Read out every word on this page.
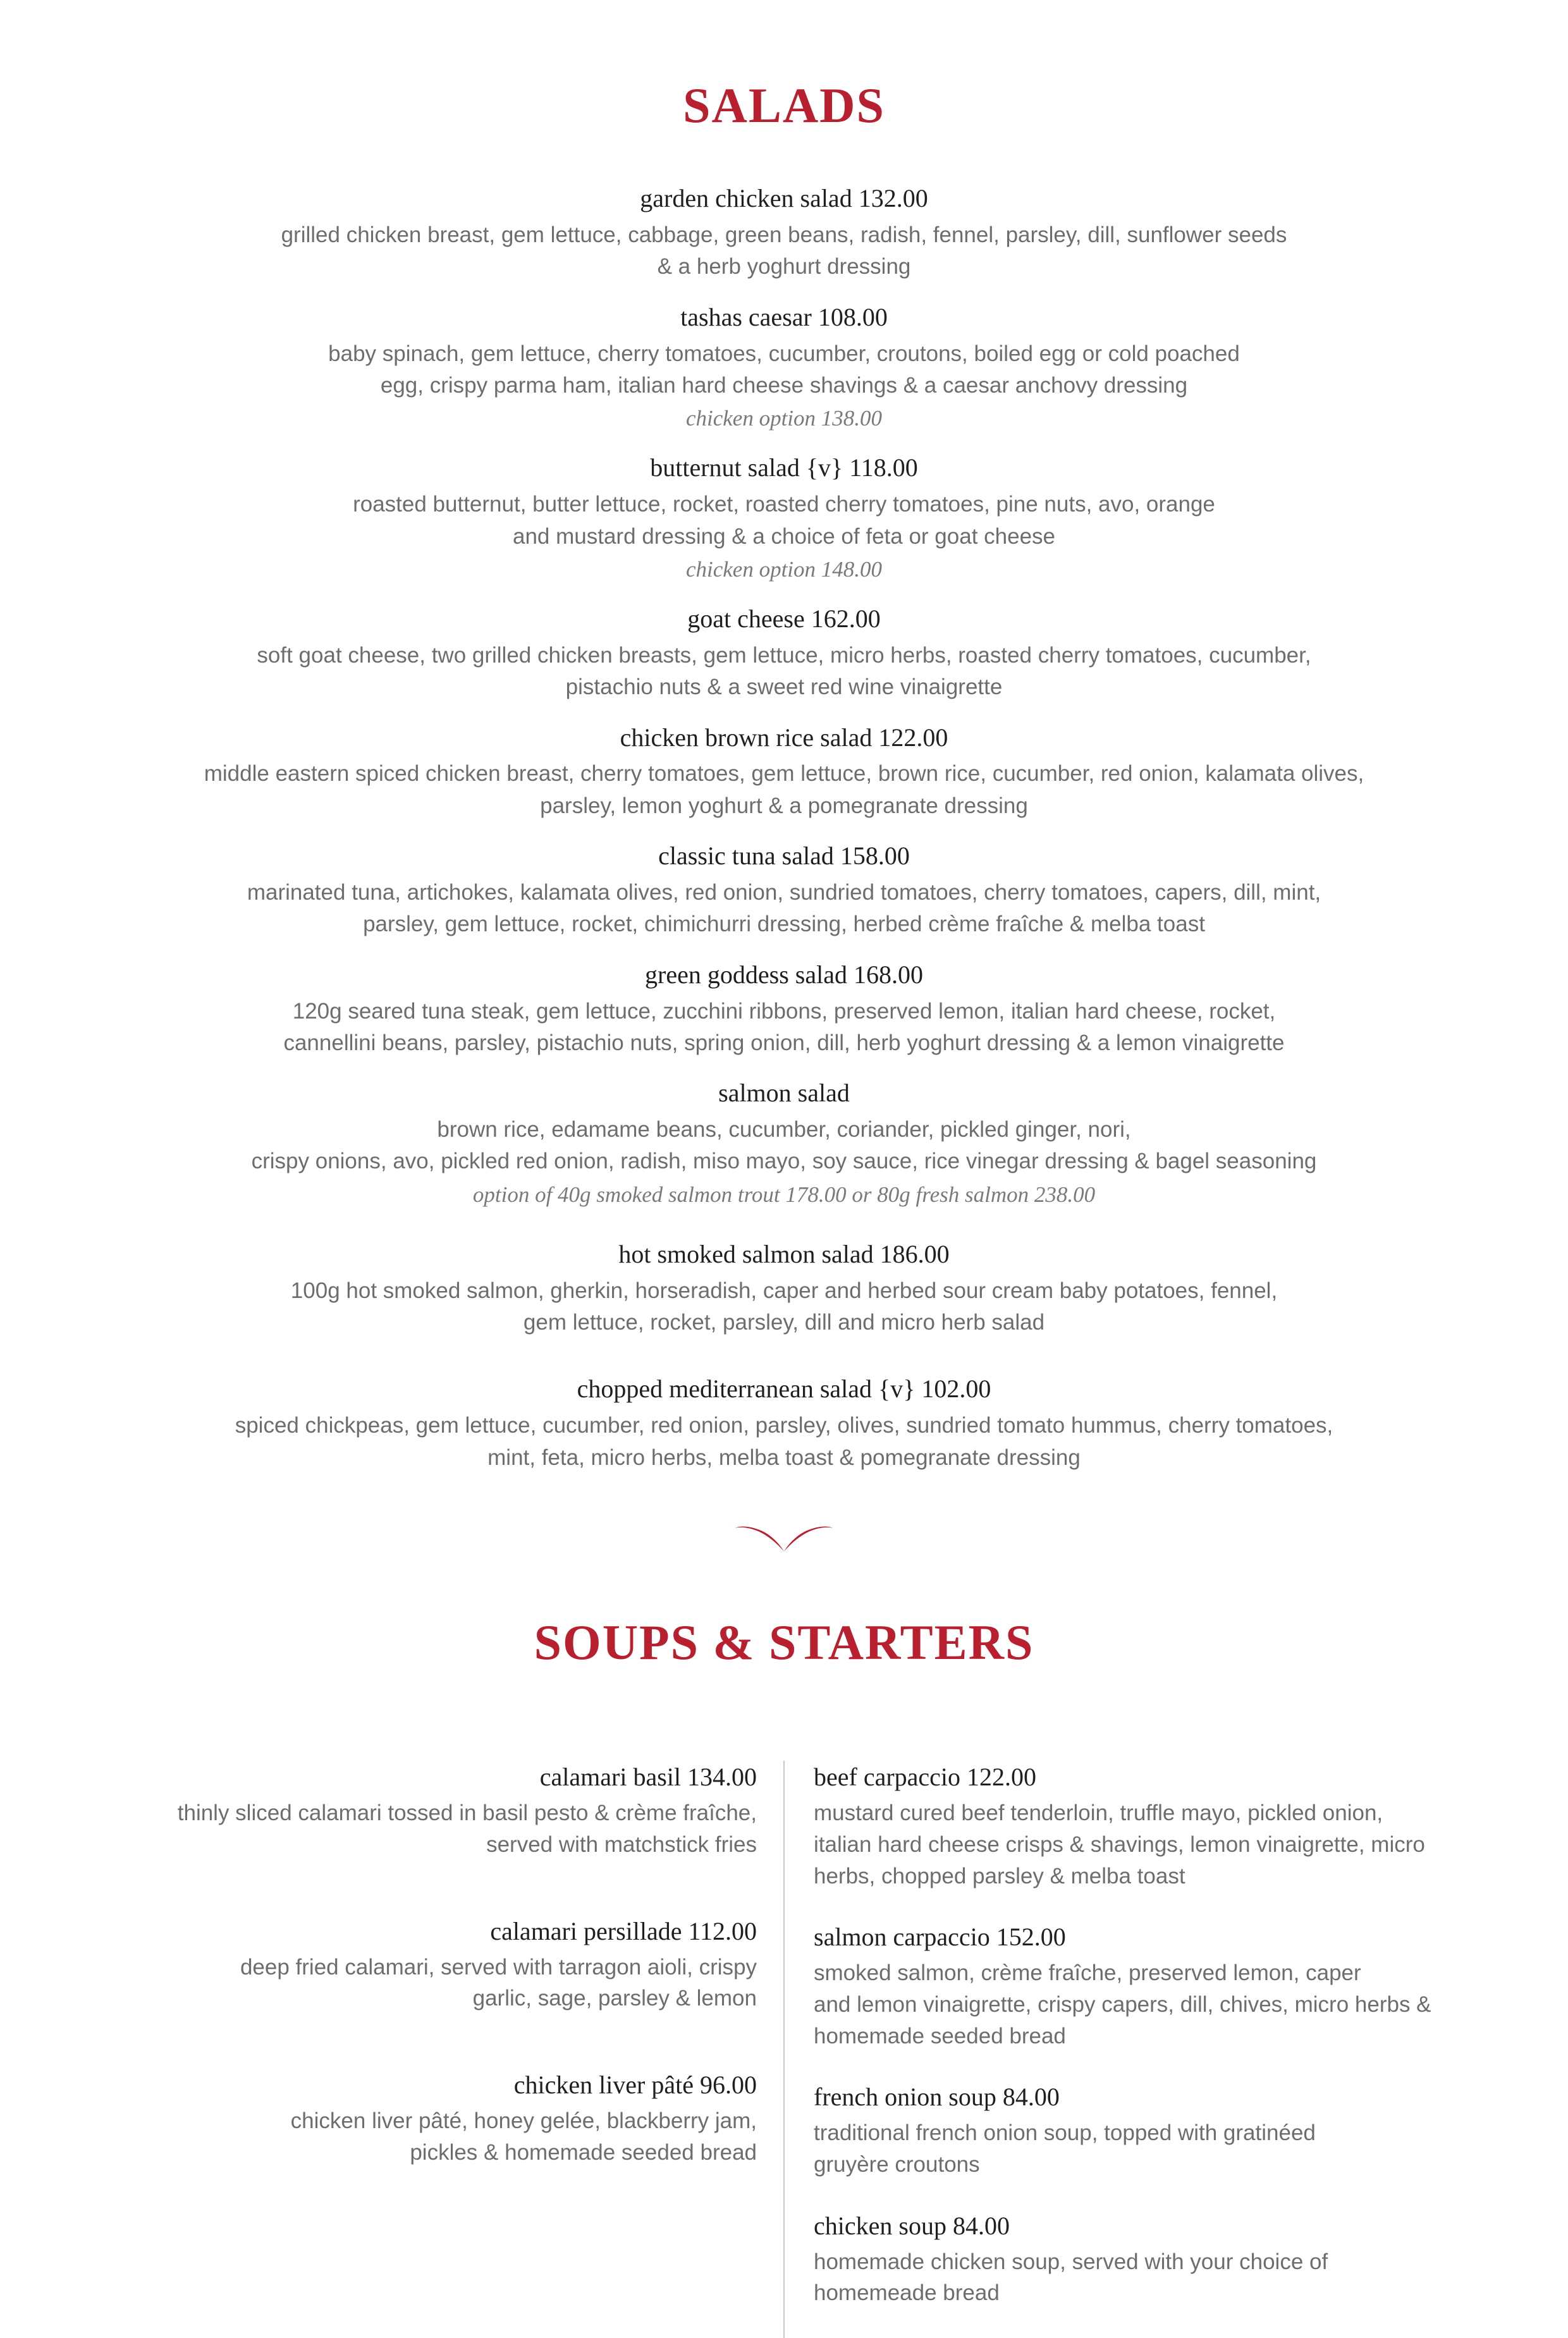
SALADS

garden chicken salad 132.00

grilled chicken breast, gem lettuce, cabbage, green beans, radish, fennel, parsley, dill, sunflower seeds
& a herb yoghurt dressing

tashas caesar 108.00

baby spinach, gem lettuce, cherry tomatoes, cucumber, croutons, boiled egg or cold poached
egg, crispy parma ham, italian hard cheese shavings & a caesar anchovy dressing

chicken option 138.00

butternut salad {v} 118.00

roasted butternut, butter lettuce, rocket, roasted cherry tomatoes, pine nuts, avo, orange
and mustard dressing & a choice of feta or goat cheese

chicken option 148.00

goat cheese 162.00

soft goat cheese, two grilled chicken breasts, gem lettuce, micro herbs, roasted cherry tomatoes, cucumber,
pistachio nuts & a sweet red wine vinaigrette

chicken brown rice salad 122.00

middle eastern spiced chicken breast, cherry tomatoes, gem lettuce, brown rice, cucumber, red onion, kalamata olives,
parsley, lemon yoghurt & a pomegranate dressing

classic tuna salad 158.00

marinated tuna, artichokes, kalamata olives, red onion, sundried tomatoes, cherry tomatoes, capers, dill, mint,
parsley, gem lettuce, rocket, chimichurri dressing, herbed crème fraîche & melba toast

green goddess salad 168.00

120g seared tuna steak, gem lettuce, zucchini ribbons, preserved lemon, italian hard cheese, rocket,
cannellini beans, parsley, pistachio nuts, spring onion, dill, herb yoghurt dressing & a lemon vinaigrette

salmon salad

brown rice, edamame beans, cucumber, coriander, pickled ginger, nori,
crispy onions, avo, pickled red onion, radish, miso mayo, soy sauce, rice vinegar dressing & bagel seasoning

option of 40g smoked salmon trout 178.00 or 80g fresh salmon 238.00

hot smoked salmon salad 186.00

100g hot smoked salmon, gherkin, horseradish, caper and herbed sour cream baby potatoes, fennel,
gem lettuce, rocket, parsley, dill and micro herb salad

chopped mediterranean salad {v} 102.00

spiced chickpeas, gem lettuce, cucumber, red onion, parsley, olives, sundried tomato hummus, cherry tomatoes,
mint, feta, micro herbs, melba toast & pomegranate dressing

SOUPS & STARTERS

calamari basil 134.00

thinly sliced calamari tossed in basil pesto & crème fraîche,
served with matchstick fries

calamari persillade 112.00

deep fried calamari, served with tarragon aioli, crispy
garlic, sage, parsley & lemon

chicken liver pâté 96.00

chicken liver pâté, honey gelée, blackberry jam,
pickles & homemade seeded bread

beef carpaccio 122.00

mustard cured beef tenderloin, truffle mayo, pickled onion,
italian hard cheese crisps & shavings, lemon vinaigrette, micro
herbs, chopped parsley & melba toast

salmon carpaccio 152.00

smoked salmon, crème fraîche, preserved lemon, caper
and lemon vinaigrette, crispy capers, dill, chives, micro herbs &
homemade seeded bread

french onion soup 84.00

traditional french onion soup, topped with gratinéed
gruyère croutons

chicken soup 84.00

homemade chicken soup, served with your choice of
homemeade bread
